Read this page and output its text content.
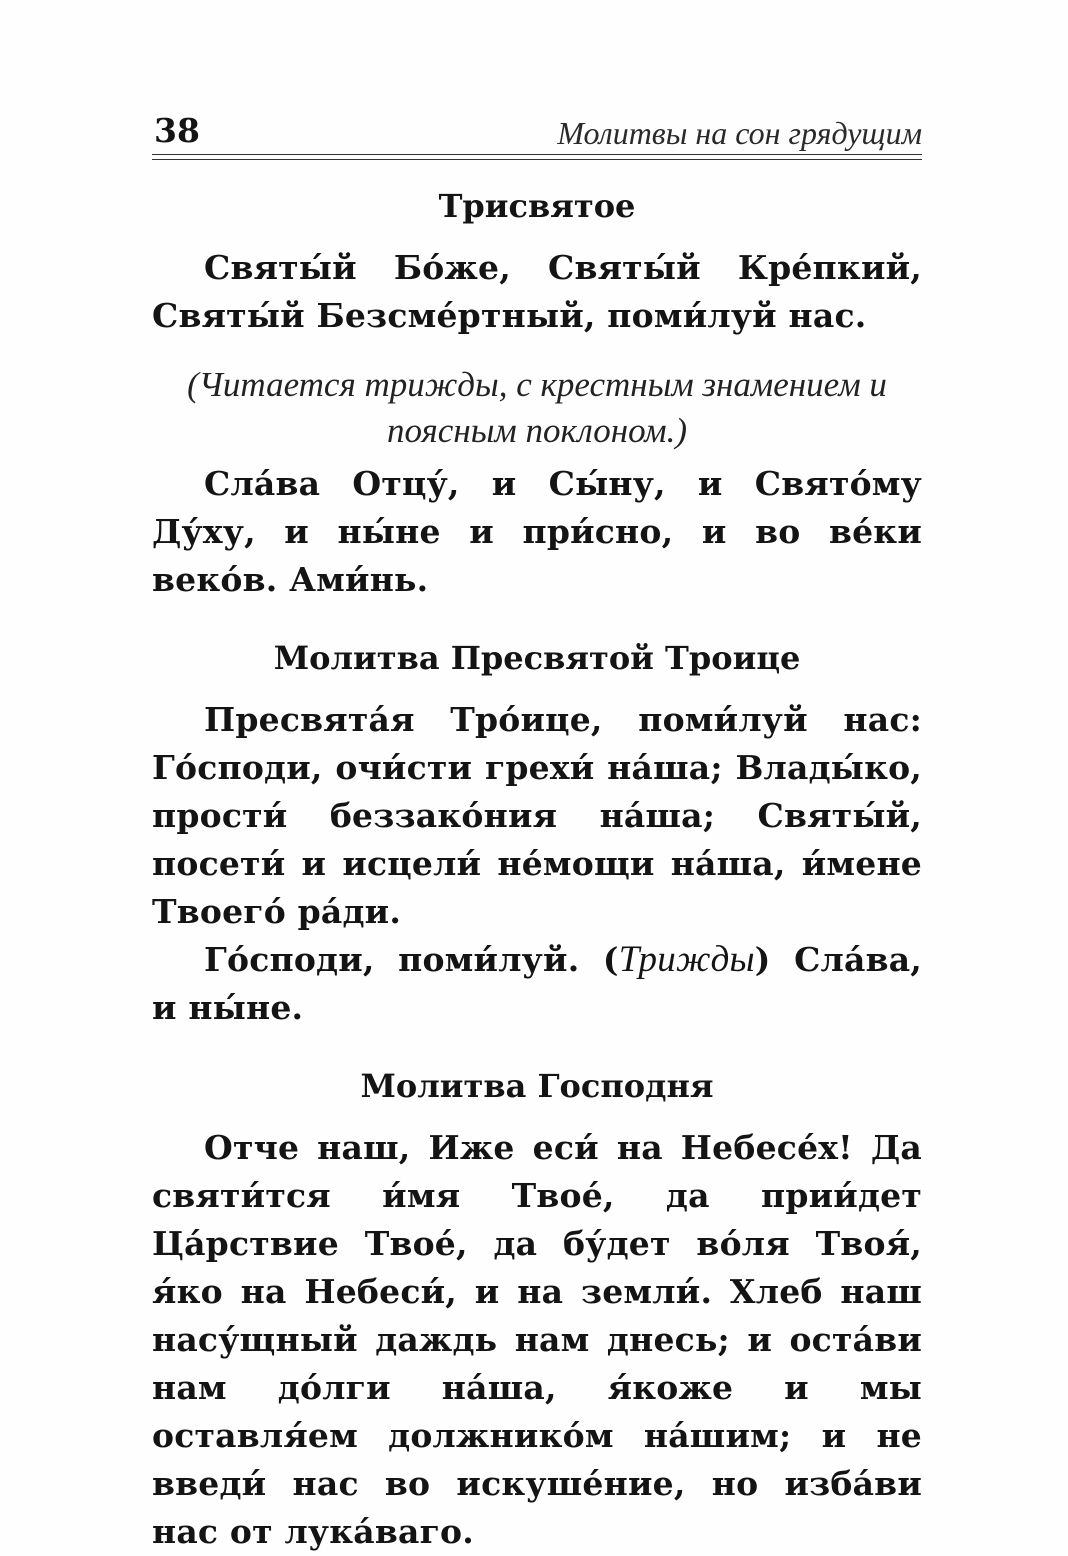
38	Молитвы на сон грядущим
Трисвятое

Святы́й Бо́же, Святы́й Кре́пкий, Святы́й Безсме́ртный, поми́луй нас.

(Читается трижды, с крестным знамением и поясным поклоном.)

Сла́ва Отцу́, и Сы́ну, и Свято́му Ду́ху, и ны́не и при́сно, и во ве́ки веко́в. Ами́нь.

Молитва Пресвятой Троице

Пресвята́я Тро́ице, поми́луй нас: Го́споди, очи́сти грехи́ на́ша; Влады́ко, прости́ беззако́ния на́ша; Святы́й, посети́ и исцели́ не́мощи на́ша, и́мене Твоего́ ра́ди.

Го́споди, поми́луй. (Трижды) Сла́ва, и ны́не.

Молитва Господня

Отче наш, Иже еси́ на Небесе́х! Да святи́тся и́мя Твое́, да прии́дет Ца́рствие Твое́, да бу́дет во́ля Твоя́, я́ко на Небеси́, и на земли́. Хлеб наш насу́щный даждь нам днесь; и оста́ви нам до́лги на́ша, я́коже и мы оставля́ем должнико́м на́шим; и не введи́ нас во искуше́ние, но изба́ви нас от лука́ваго.
